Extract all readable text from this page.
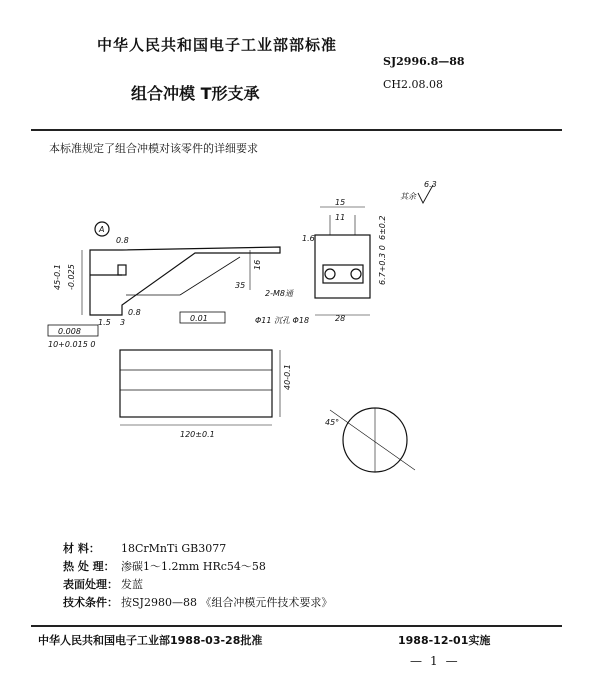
中华人民共和国电子工业部部标准
SJ2996.8—88
组合冲模 T形支承	CH2.08.08
本标准规定了组合冲模对该零件的详细要求
其余
6.3
A
45-0.1 -0.025	16
35
2-M8通
Φ11 沉孔 Φ18	28
15
11	6±0.2
6.7+0.3 0
1.5 3
10+0.015 0
40-0.1
120±0.1
45°
0.01
0.008
0.8	1.6
0.8
材 料：	18CrMnTi GB3077
热 处 理： 渗碳1～1.2mm HRc54～58
表面处理： 发蓝
技术条件： 按SJ2980—88 《组合冲模元件技术要求》
中华人民共和国电子工业部1988-03-28批准	1988-12-01实施
—1—
